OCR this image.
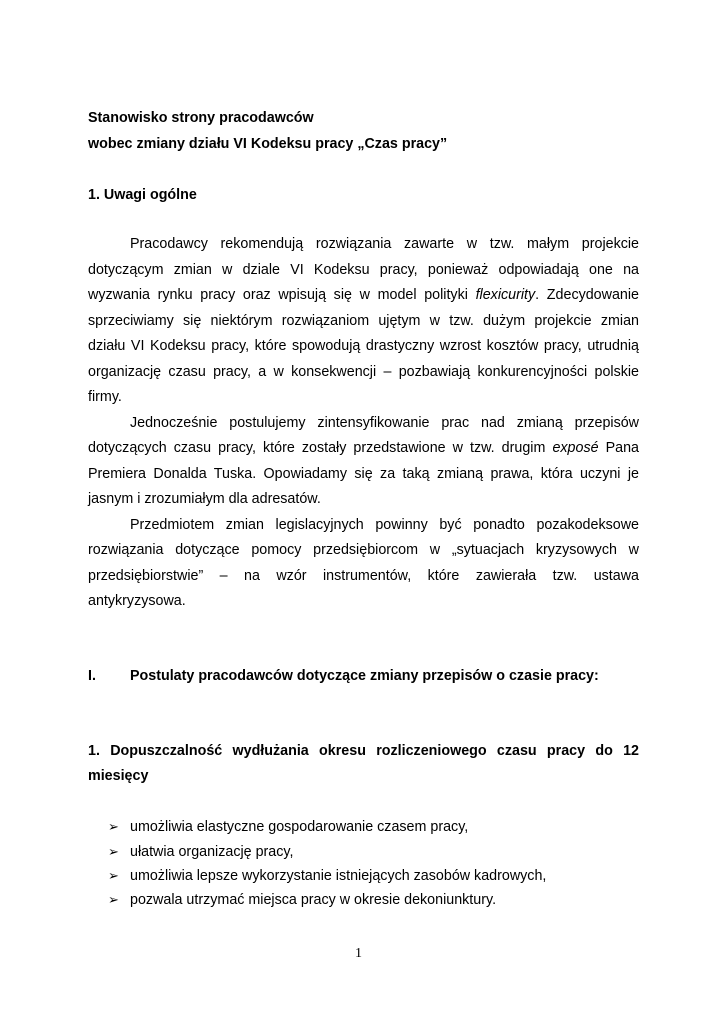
Stanowisko strony pracodawców
wobec zmiany działu VI Kodeksu pracy „Czas pracy”
1. Uwagi ogólne
Pracodawcy rekomendują rozwiązania zawarte w tzw. małym projekcie
dotyczącym zmian w dziale VI Kodeksu pracy, ponieważ odpowiadają one na
wyzwania rynku pracy oraz wpisują się w model polityki flexicurity. Zdecydowanie
sprzeciwiamy się niektórym rozwiązaniom ujętym w tzw. dużym projekcie zmian
działu VI Kodeksu pracy, które spowodują drastyczny wzrost kosztów pracy, utrudnią
organizację czasu pracy, a w konsekwencji – pozbawiają konkurencyjności polskie
firmy.
Jednocześnie postulujemy zintensyfikowanie prac nad zmianą przepisów
dotyczących czasu pracy, które zostały przedstawione w tzw. drugim exposé Pana
Premiera Donalda Tuska. Opowiadamy się za taką zmianą prawa, która uczyni je
jasnym i zrozumiałym dla adresatów.
Przedmiotem zmian legislacyjnych powinny być ponadto pozakodeksowe
rozwiązania dotyczące pomocy przedsiębiorcom w „sytuacjach kryzysowych w
przedsiębiorstwie” – na wzór instrumentów, które zawierała tzw. ustawa
antykryzysowa.
I. Postulaty pracodawców dotyczące zmiany przepisów o czasie pracy:
1. Dopuszczalność wydłużania okresu rozliczeniowego czasu pracy do 12
miesięcy
➢ umożliwia elastyczne gospodarowanie czasem pracy,
➢ ułatwia organizację pracy,
➢ umożliwia lepsze wykorzystanie istniejących zasobów kadrowych,
➢ pozwala utrzymać miejsca pracy w okresie dekoniunktury.
1
